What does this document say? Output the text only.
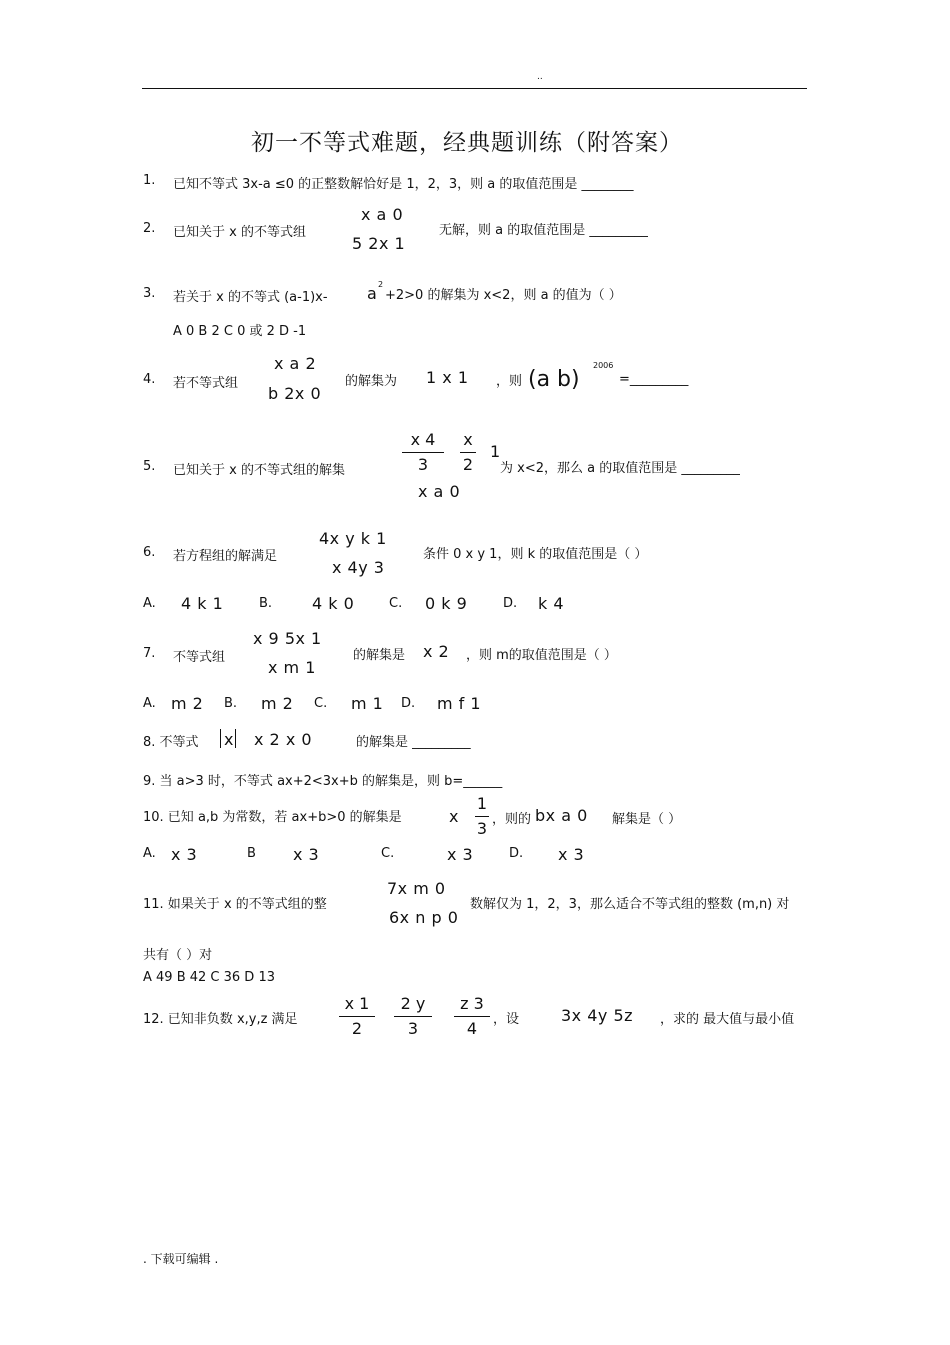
..
初一不等式难题，经典题训练（附答案）
1. 已知不等式 3x-a ≤0 的正整数解恰好是 1，2，3，则 a 的取值范围是 ________
2. 已知关于 x 的不等式组
x a 0
5 2x 1
无解，则 a 的取值范围是 _________
3. 若关于 x 的不等式 (a-1)x- a 2
+2>0 的解集为 x<2，则 a 的值为（ ）
A 0 B 2 C 0 或 2 D -1
4. 若不等式组
x a 2
b 2x 0
的解集为 1 x 1 ，则 (a b)
2006
=_________
5. 已知关于 x 的不等式组的解集
x 4
3
x
2
1
为 x<2，那么 a 的取值范围是 _________
x a 0
6. 若方程组的解满足
4x y k 1
x 4y 3
条件 0 x y 1，则 k 的取值范围是（ ）
A. 4 k 1	B. 4 k 0	C. 0 k 9	D. k 4
7. 不等式组
x 9 5x 1
x m 1
的解集是 x 2 ，则 m的取值范围是（ ）
A. m 2 B. m 2 C. m 1 D. m f 1
8. 不等式 x x 2 x 0	的解集是 _________
9. 当 a>3 时，不等式 ax+2<3x+b 的解集是，则 b=______
10. 已知 a,b 为常数，若 ax+b>0 的解集是	x
1
3 ，则的 bx a 0 解集是（ ）
A. x 3	B x 3	C.	x 3	D. x 3
11. 如果关于 x 的不等式组的整
7x m 0
6x n p 0
数解仅为 1，2，3，那么适合不等式组的整数 (m,n) 对
共有（ ）对
A 49 B 42 C 36 D 13
12. 已知非负数 x,y,z 满足
x 1
2
2 y
3
z 3
4	，设	3x 4y 5z ，求的 最大值与最小值
. 下载可编辑 .
